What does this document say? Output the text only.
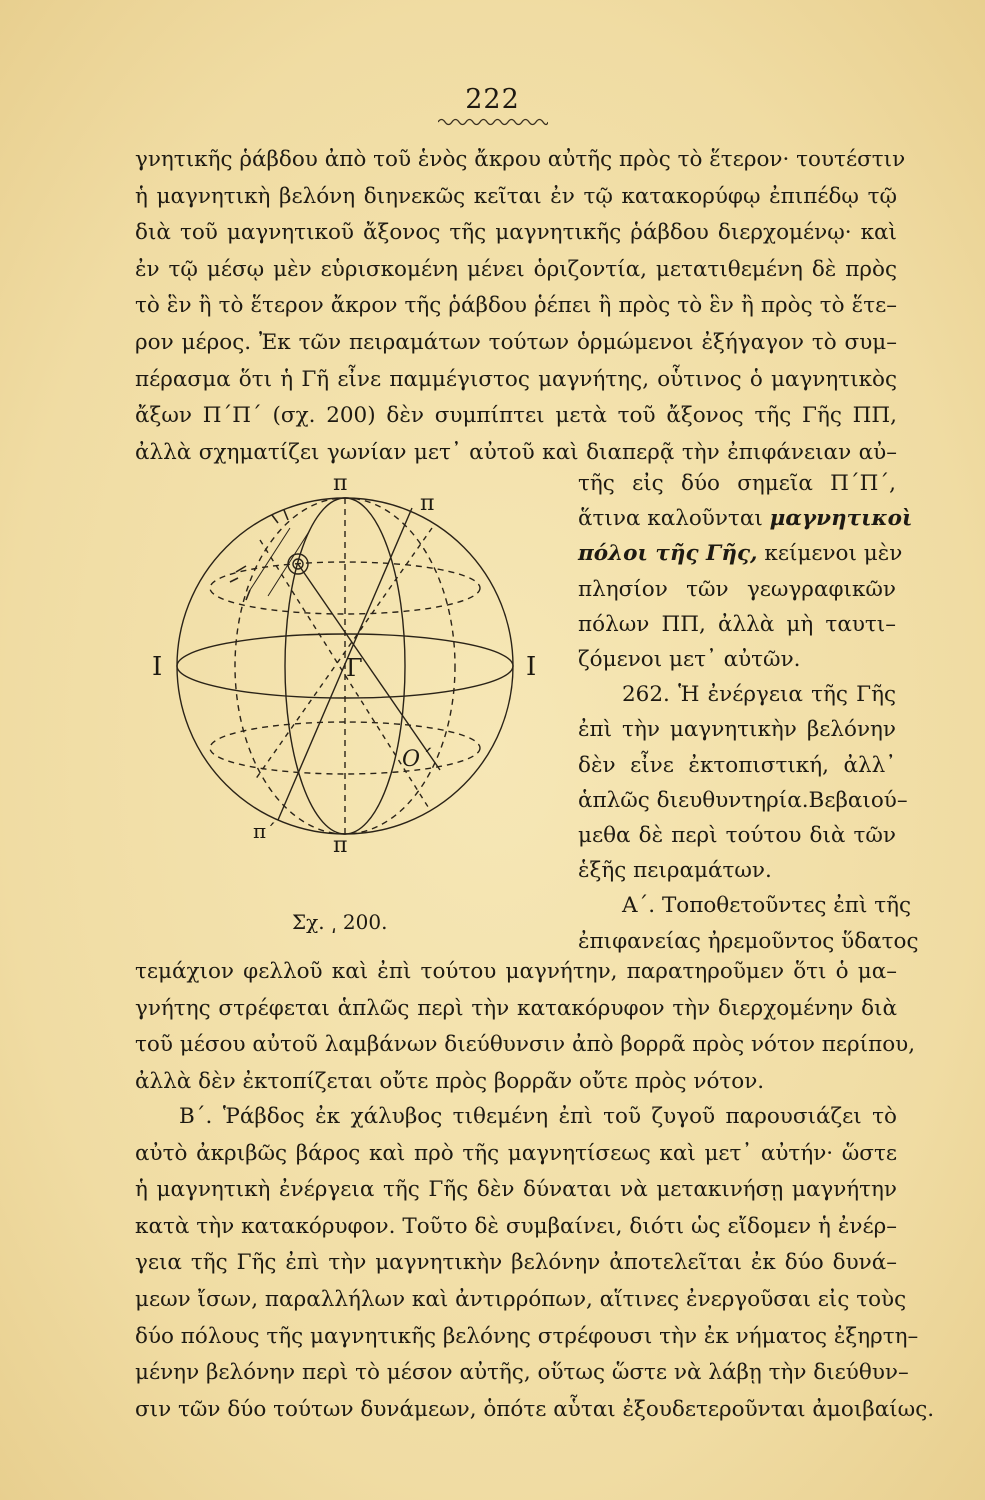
222
γνητικῆς ῥάβδου ἀπὸ τοῦ ἑνὸς ἄκρου αὐτῆς πρὸς τὸ ἕτερον· τουτέστιν
ἡ μαγνητικὴ βελόνη διηνεκῶς κεῖται ἐν τῷ κατακορύφῳ ἐπιπέδῳ τῷ
διὰ τοῦ μαγνητικοῦ ἄξονος τῆς μαγνητικῆς ῥάβδου διερχομένῳ· καὶ
ἐν τῷ μέσῳ μὲν εὑρισκομένη μένει ὁριζοντία, μετατιθεμένη δὲ πρὸς
τὸ ἓν ἢ τὸ ἕτερον ἄκρον τῆς ῥάβδου ῥέπει ἢ πρὸς τὸ ἓν ἢ πρὸς τὸ ἕτε–
ρον μέρος. Ἐκ τῶν πειραμάτων τούτων ὁρμώμενοι ἐξήγαγον τὸ συμ–
πέρασμα ὅτι ἡ Γῆ εἶνε παμμέγιστος μαγνήτης, οὗτινος ὁ μαγνητικὸς
ἄξων Π΄Π΄ (σχ. 200) δὲν συμπίπτει μετὰ τοῦ ἄξονος τῆς Γῆς ΠΠ,
ἀλλὰ σχηματίζει γωνίαν μετ᾽ αὐτοῦ καὶ διαπερᾷ τὴν ἐπιφάνειαν αὐ–
τῆς εἰς δύο σημεῖα Π΄Π΄,
ἅτινα καλοῦνται μαγνητικοὶ
πόλοι τῆς Γῆς, κείμενοι μὲν
πλησίον τῶν γεωγραφικῶν
πόλων ΠΠ, ἀλλὰ μὴ ταυτι–
ζόμενοι μετ᾽ αὐτῶν.
262. Ἡ ἐνέργεια τῆς Γῆς
ἐπὶ τὴν μαγνητικὴν βελόνην
δὲν εἶνε ἐκτοπιστική, ἀλλ᾽
ἁπλῶς διευθυντηρία.Βεβαιού–
μεθα δὲ περὶ τούτου διὰ τῶν
ἑξῆς πειραμάτων.
Α΄. Τοποθετοῦντες ἐπὶ τῆς
ἐπιφανείας ἠρεμοῦντος ὕδατος
π
π
Ι	Ι
Γ
Ο΄
π΄
π
Σχ. ͵ 200.
τεμάχιον φελλοῦ καὶ ἐπὶ τούτου μαγνήτην, παρατηροῦμεν ὅτι ὁ μα–
γνήτης στρέφεται ἁπλῶς περὶ τὴν κατακόρυφον τὴν διερχομένην διὰ
τοῦ μέσου αὐτοῦ λαμβάνων διεύθυνσιν ἀπὸ βορρᾶ πρὸς νότον περίπου,
ἀλλὰ δὲν ἐκτοπίζεται οὔτε πρὸς βορρᾶν οὔτε πρὸς νότον.
Β΄. Ῥάβδος ἐκ χάλυβος τιθεμένη ἐπὶ τοῦ ζυγοῦ παρουσιάζει τὸ
αὐτὸ ἀκριβῶς βάρος καὶ πρὸ τῆς μαγνητίσεως καὶ μετ᾽ αὐτήν· ὥστε
ἡ μαγνητικὴ ἐνέργεια τῆς Γῆς δὲν δύναται νὰ μετακινήσῃ μαγνήτην
κατὰ τὴν κατακόρυφον. Τοῦτο δὲ συμβαίνει, διότι ὡς εἴδομεν ἡ ἐνέρ–
γεια τῆς Γῆς ἐπὶ τὴν μαγνητικὴν βελόνην ἀποτελεῖται ἐκ δύο δυνά–
μεων ἴσων, παραλλήλων καὶ ἀντιρρόπων, αἵτινες ἐνεργοῦσαι εἰς τοὺς
δύο πόλους τῆς μαγνητικῆς βελόνης στρέφουσι τὴν ἐκ νήματος ἐξηρτη–
μένην βελόνην περὶ τὸ μέσον αὐτῆς, οὕτως ὥστε νὰ λάβῃ τὴν διεύθυν–
σιν τῶν δύο τούτων δυνάμεων, ὁπότε αὗται ἐξουδετεροῦνται ἀμοιβαίως.
